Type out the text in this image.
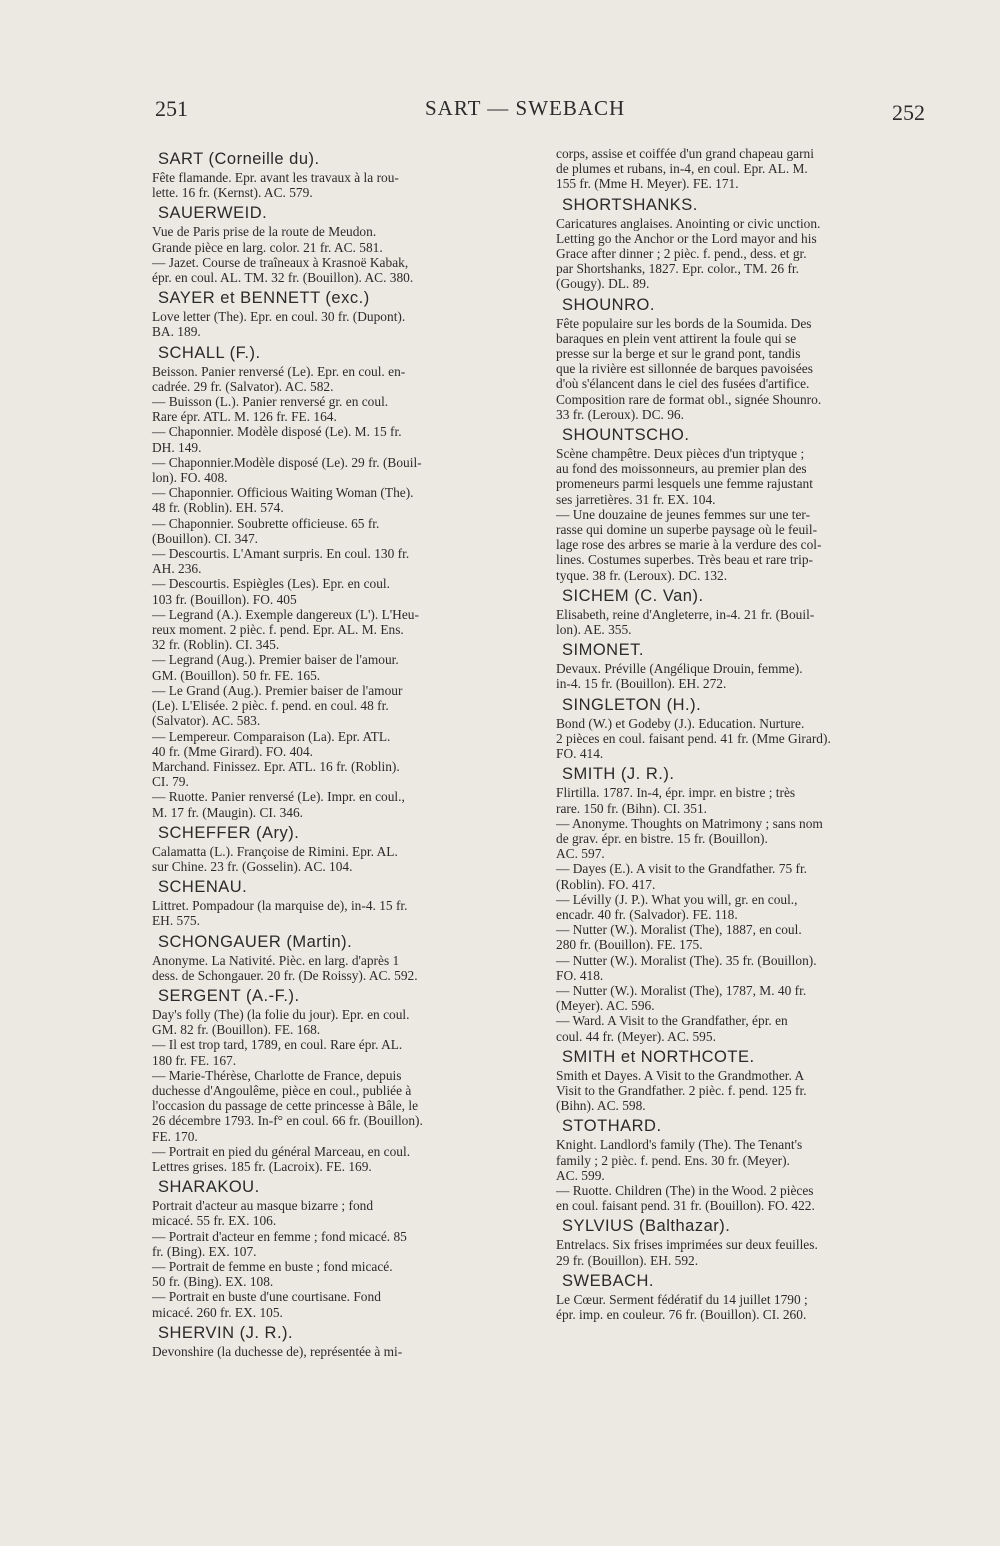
251	SART — SWEBACH	252
SART (Corneille du).
Fête flamande. Epr. avant les travaux à la rou-
lette. 16 fr. (Kernst). AC. 579.
SAUERWEID.
Vue de Paris prise de la route de Meudon.
Grande pièce en larg. color. 21 fr. AC. 581.
— Jazet. Course de traîneaux à Krasnoë Kabak,
épr. en coul. AL. TM. 32 fr. (Bouillon). AC. 380.
SAYER et BENNETT (exc.)
Love letter (The). Epr. en coul. 30 fr. (Dupont).
BA. 189.
SCHALL (F.).
Beisson. Panier renversé (Le). Epr. en coul. en-
cadrée. 29 fr. (Salvator). AC. 582.
— Buisson (L.). Panier renversé gr. en coul.
Rare épr. ATL. M. 126 fr. FE. 164.
— Chaponnier. Modèle disposé (Le). M. 15 fr.
DH. 149.
— Chaponnier.Modèle disposé (Le). 29 fr. (Bouil-
lon). FO. 408.
— Chaponnier. Officious Waiting Woman (The).
48 fr. (Roblin). EH. 574.
— Chaponnier. Soubrette officieuse. 65 fr.
(Bouillon). CI. 347.
— Descourtis. L'Amant surpris. En coul. 130 fr.
AH. 236.
— Descourtis. Espiègles (Les). Epr. en coul.
103 fr. (Bouillon). FO. 405
— Legrand (A.). Exemple dangereux (L'). L'Heu-
reux moment. 2 pièc. f. pend. Epr. AL. M. Ens.
32 fr. (Roblin). CI. 345.
— Legrand (Aug.). Premier baiser de l'amour.
GM. (Bouillon). 50 fr. FE. 165.
— Le Grand (Aug.). Premier baiser de l'amour
(Le). L'Elisée. 2 pièc. f. pend. en coul. 48 fr.
(Salvator). AC. 583.
— Lempereur. Comparaison (La). Epr. ATL.
40 fr. (Mme Girard). FO. 404.
Marchand. Finissez. Epr. ATL. 16 fr. (Roblin).
CI. 79.
— Ruotte. Panier renversé (Le). Impr. en coul.,
M. 17 fr. (Maugin). CI. 346.
SCHEFFER (Ary).
Calamatta (L.). Françoise de Rimini. Epr. AL.
sur Chine. 23 fr. (Gosselin). AC. 104.
SCHENAU.
Littret. Pompadour (la marquise de), in-4. 15 fr.
EH. 575.
SCHONGAUER (Martin).
Anonyme. La Nativité. Pièc. en larg. d'après 1
dess. de Schongauer. 20 fr. (De Roissy). AC. 592.
SERGENT (A.-F.).
Day's folly (The) (la folie du jour). Epr. en coul.
GM. 82 fr. (Bouillon). FE. 168.
— Il est trop tard, 1789, en coul. Rare épr. AL.
180 fr. FE. 167.
— Marie-Thérèse, Charlotte de France, depuis
duchesse d'Angoulême, pièce en coul., publiée à
l'occasion du passage de cette princesse à Bâle, le
26 décembre 1793. In-f° en coul. 66 fr. (Bouillon).
FE. 170.
— Portrait en pied du général Marceau, en coul.
Lettres grises. 185 fr. (Lacroix). FE. 169.
SHARAKOU.
Portrait d'acteur au masque bizarre ; fond
micacé. 55 fr. EX. 106.
— Portrait d'acteur en femme ; fond micacé. 85
fr. (Bing). EX. 107.
— Portrait de femme en buste ; fond micacé.
50 fr. (Bing). EX. 108.
— Portrait en buste d'une courtisane. Fond
micacé. 260 fr. EX. 105.
SHERVIN (J. R.).
Devonshire (la duchesse de), représentée à mi-
corps, assise et coiffée d'un grand chapeau garni
de plumes et rubans, in-4, en coul. Epr. AL. M.
155 fr. (Mme H. Meyer). FE. 171.
SHORTSHANKS.
Caricatures anglaises. Anointing or civic unction.
Letting go the Anchor or the Lord mayor and his
Grace after dinner ; 2 pièc. f. pend., dess. et gr.
par Shortshanks, 1827. Epr. color., TM. 26 fr.
(Gougy). DL. 89.
SHOUNRO.
Fête populaire sur les bords de la Soumida. Des
baraques en plein vent attirent la foule qui se
presse sur la berge et sur le grand pont, tandis
que la rivière est sillonnée de barques pavoisées
d'où s'élancent dans le ciel des fusées d'artifice.
Composition rare de format obl., signée Shounro.
33 fr. (Leroux). DC. 96.
SHOUNTSCHO.
Scène champêtre. Deux pièces d'un triptyque ;
au fond des moissonneurs, au premier plan des
promeneurs parmi lesquels une femme rajustant
ses jarretières. 31 fr. EX. 104.
— Une douzaine de jeunes femmes sur une ter-
rasse qui domine un superbe paysage où le feuil-
lage rose des arbres se marie à la verdure des col-
lines. Costumes superbes. Très beau et rare trip-
tyque. 38 fr. (Leroux). DC. 132.
SICHEM (C. Van).
Elisabeth, reine d'Angleterre, in-4. 21 fr. (Bouil-
lon). AE. 355.
SIMONET.
Devaux. Préville (Angélique Drouin, femme).
in-4. 15 fr. (Bouillon). EH. 272.
SINGLETON (H.).
Bond (W.) et Godeby (J.). Education. Nurture.
2 pièces en coul. faisant pend. 41 fr. (Mme Girard).
FO. 414.
SMITH (J. R.).
Flirtilla. 1787. In-4, épr. impr. en bistre ; très
rare. 150 fr. (Bihn). CI. 351.
— Anonyme. Thoughts on Matrimony ; sans nom
de grav. épr. en bistre. 15 fr. (Bouillon).
AC. 597.
— Dayes (E.). A visit to the Grandfather. 75 fr.
(Roblin). FO. 417.
— Lévilly (J. P.). What you will, gr. en coul.,
encadr. 40 fr. (Salvador). FE. 118.
— Nutter (W.). Moralist (The), 1887, en coul.
280 fr. (Bouillon). FE. 175.
— Nutter (W.). Moralist (The). 35 fr. (Bouillon).
FO. 418.
— Nutter (W.). Moralist (The), 1787, M. 40 fr.
(Meyer). AC. 596.
— Ward. A Visit to the Grandfather, épr. en
coul. 44 fr. (Meyer). AC. 595.
SMITH et NORTHCOTE.
Smith et Dayes. A Visit to the Grandmother. A
Visit to the Grandfather. 2 pièc. f. pend. 125 fr.
(Bihn). AC. 598.
STOTHARD.
Knight. Landlord's family (The). The Tenant's
family ; 2 pièc. f. pend. Ens. 30 fr. (Meyer).
AC. 599.
— Ruotte. Children (The) in the Wood. 2 pièces
en coul. faisant pend. 31 fr. (Bouillon). FO. 422.
SYLVIUS (Balthazar).
Entrelacs. Six frises imprimées sur deux feuilles.
29 fr. (Bouillon). EH. 592.
SWEBACH.
Le Cœur. Serment fédératif du 14 juillet 1790 ;
épr. imp. en couleur. 76 fr. (Bouillon). CI. 260.
